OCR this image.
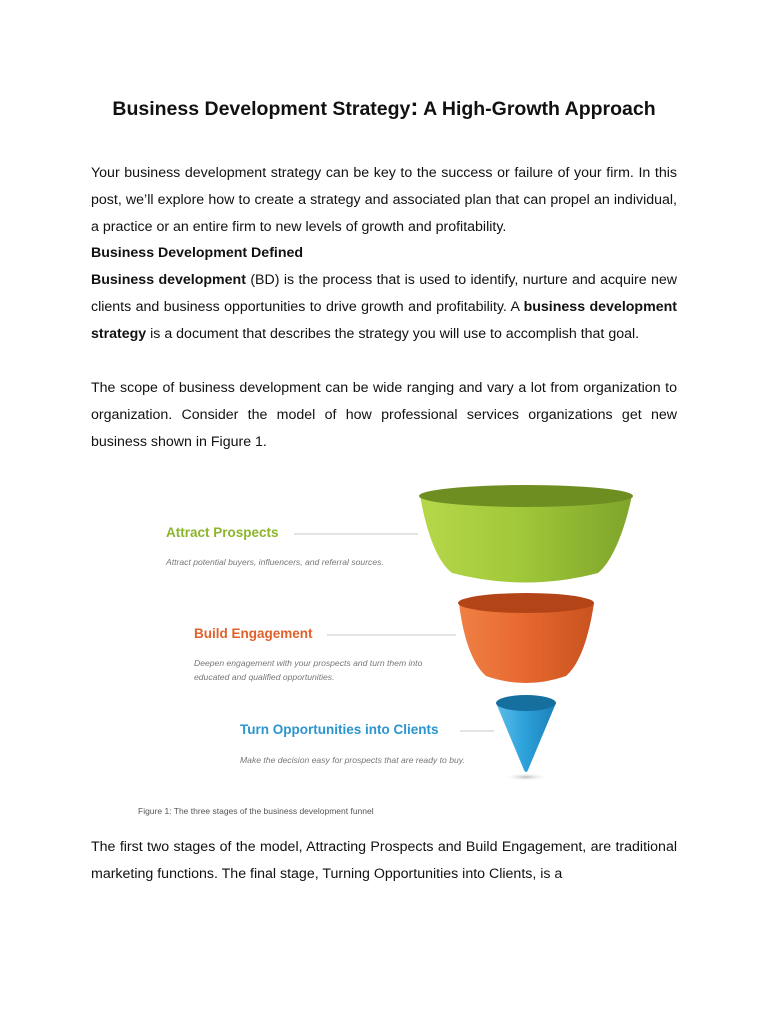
Business Development Strategy: A High-Growth Approach
Your business development strategy can be key to the success or failure of your firm. In this post, we’ll explore how to create a strategy and associated plan that can propel an individual, a practice or an entire firm to new levels of growth and profitability.
Business Development Defined
Business development (BD) is the process that is used to identify, nurture and acquire new clients and business opportunities to drive growth and profitability. A business development strategy is a document that describes the strategy you will use to accomplish that goal.
The scope of business development can be wide ranging and vary a lot from organization to organization. Consider the model of how professional services organizations get new business shown in Figure 1.
Attract Prospects
Attract potential buyers, influencers, and referral sources.
Build Engagement
Deepen engagement with your prospects and turn them into
educated and qualified opportunities.
Turn Opportunities into Clients
Make the decision easy for prospects that are ready to buy.
Figure 1: The three stages of the business development funnel
The first two stages of the model, Attracting Prospects and Build Engagement, are traditional marketing functions. The final stage, Turning Opportunities into Clients, is a
